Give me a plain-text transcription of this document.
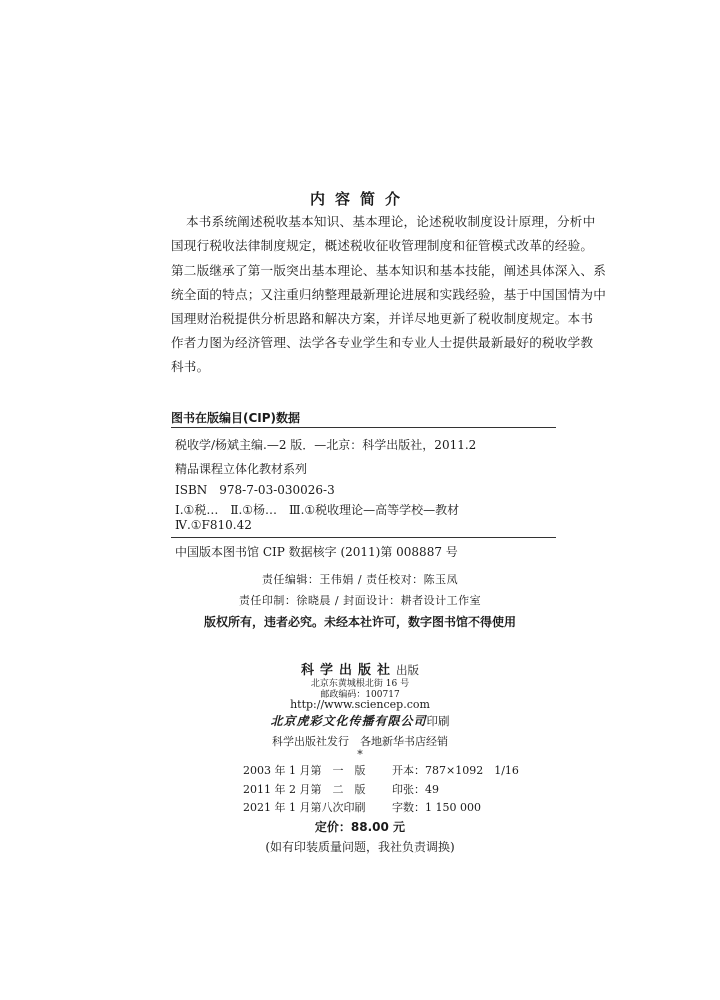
内容简介
本书系统阐述税收基本知识、基本理论，论述税收制度设计原理，分析中
国现行税收法律制度规定，概述税收征收管理制度和征管模式改革的经验。
第二版继承了第一版突出基本理论、基本知识和基本技能，阐述具体深入、系
统全面的特点；又注重归纳整理最新理论进展和实践经验，基于中国国情为中
国理财治税提供分析思路和解决方案，并详尽地更新了税收制度规定。本书
作者力图为经济管理、法学各专业学生和专业人士提供最新最好的税收学教
科书。
图书在版编目(CIP)数据
税收学/杨斌主编.—2 版．—北京：科学出版社，2011.2
精品课程立体化教材系列
ISBN　978-7-03-030026-3
Ⅰ.①税…　Ⅱ.①杨…　Ⅲ.①税收理论—高等学校—教材
Ⅳ.①F810.42
中国版本图书馆 CIP 数据核字 (2011)第 008887 号
责任编辑：王伟娟 / 责任校对：陈玉凤
责任印制：徐晓晨 / 封面设计：耕者设计工作室
版权所有，违者必究。未经本社许可，数字图书馆不得使用
科学出版社出版
北京东黄城根北街 16 号
邮政编码：100717
http://www.sciencep.com
北京虎彩文化传播有限公司印刷
科学出版社发行　各地新华书店经销
*
2003 年 1 月第　一　版 开本：787×1092　1/16
2011 年 2 月第　二　版 印张：49
2021 年 1 月第八次印刷 字数：1 150 000
定价：88.00 元
(如有印装质量问题，我社负责调换)
